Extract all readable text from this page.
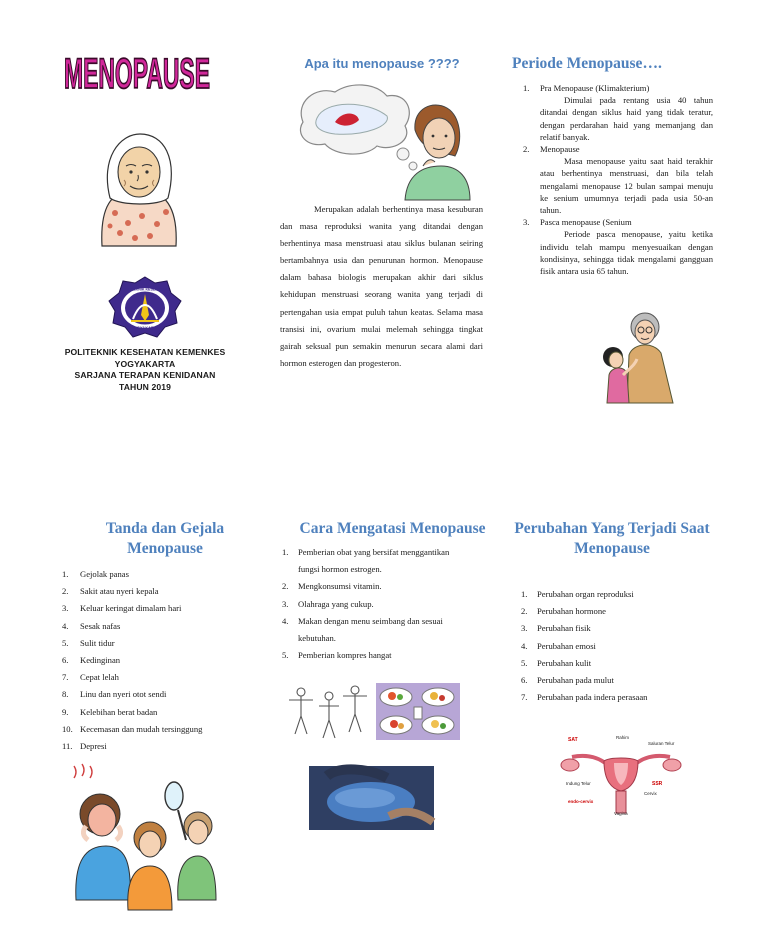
MENOPAUSE
POLITEKNIK KESEHATAN
YOGYAKARTA
POLITEKNIK KESEHATAN KEMENKES
YOGYAKARTA
SARJANA TERAPAN KENIDANAN
TAHUN 2019
Apa itu menopause ????

Merupakan adalah berhentinya masa kesuburan dan masa reproduksi wanita yang ditandai dengan berhentinya masa menstruasi atau siklus bulanan seiring bertambahnya usia dan penurunan hormon. Menopause dalam bahasa biologis merupakan akhir dari siklus kehidupan menstruasi seorang wanita yang terjadi di pertengahan usia empat puluh tahun keatas. Selama masa transisi ini, ovarium mulai melemah sehingga tingkat gairah seksual pun semakin menurun secara alami dari hormon esterogen dan progesteron.

Periode Menopause….
1. Pra Menopause (Klimakterium)
Dimulai pada rentang usia 40 tahun ditandai dengan siklus haid yang tidak teratur, dengan perdarahan haid yang memanjang dan relatif banyak.
2. Menopause
Masa menopause yaitu saat haid terakhir atau berhentinya menstruasi, dan bila telah mengalami menopause 12 bulan sampai menuju ke senium umumnya terjadi pada usia 50-an tahun.
3. Pasca menopause (Senium
Periode pasca menopause, yaitu ketika individu telah mampu menyesuaikan dengan kondisinya, sehingga tidak mengalami gangguan fisik antara usia 65 tahun.
Tanda dan Gejala
Menopause
1. Gejolak panas
2. Sakit atau nyeri kepala
3. Keluar keringat dimalam hari
4. Sesak nafas
5. Sulit tidur
6. Kedinginan
7. Cepat lelah
8. Linu dan nyeri otot sendi
9. Kelebihan berat badan
10. Kecemasan dan mudah tersinggung
11. Depresi
Cara Mengatasi Menopause
1. Pemberian obat yang bersifat menggantikan
fungsi hormon estrogen.
2. Mengkonsumsi vitamin.
3. Olahraga yang cukup.
4. Makan dengan menu seimbang dan sesuai
kebutuhan.
5. Pemberian kompres hangat
Perubahan Yang Terjadi Saat
Menopause
1. Perubahan organ reproduksi
2. Perubahan hormone
3. Perubahan fisik
4. Perubahan emosi
5. Perubahan kulit
6. Perubahan pada mulut
7. Perubahan pada indera perasaan
SAT	Rahim
Saluran Telur
Indung Telur	SSR
Cervix
endo-cervix
Vagina
